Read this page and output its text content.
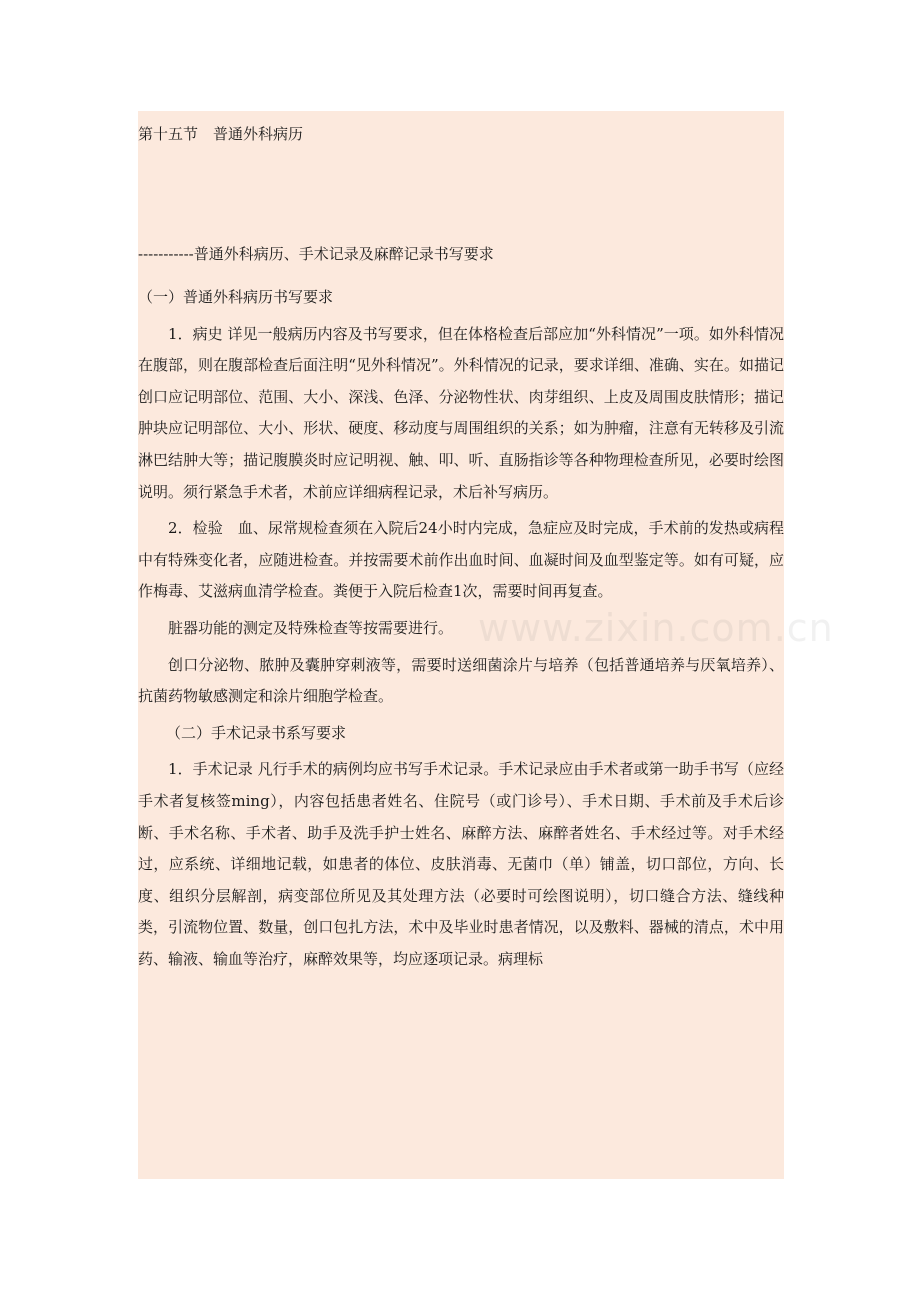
第十五节　普通外科病历

-----------普通外科病历、手术记录及麻醉记录书写要求

（一）普通外科病历书写要求

1．病史 详见一般病历内容及书写要求，但在体格检查后部应加“外科情况”一项。如外科情况在腹部，则在腹部检查后面注明“见外科情况”。外科情况的记录，要求详细、准确、实在。如描记创口应记明部位、范围、大小、深浅、色泽、分泌物性状、肉芽组织、上皮及周围皮肤情形；描记肿块应记明部位、大小、形状、硬度、移动度与周围组织的关系；如为肿瘤，注意有无转移及引流淋巴结肿大等；描记腹膜炎时应记明视、触、叩、听、直肠指诊等各种物理检查所见，必要时绘图说明。须行紧急手术者，术前应详细病程记录，术后补写病历。

2．检验　血、尿常规检查须在入院后24小时内完成，急症应及时完成，手术前的发热或病程中有特殊变化者，应随进检查。并按需要术前作出血时间、血凝时间及血型鉴定等。如有可疑，应作梅毒、艾滋病血清学检查。粪便于入院后检查1次，需要时间再复查。

脏器功能的测定及特殊检查等按需要进行。

创口分泌物、脓肿及囊肿穿刺液等，需要时送细菌涂片与培养（包括普通培养与厌氧培养）、抗菌药物敏感测定和涂片细胞学检查。

（二）手术记录书系写要求

1．手术记录 凡行手术的病例均应书写手术记录。手术记录应由手术者或第一助手书写（应经手术者复核签ming），内容包括患者姓名、住院号（或门诊号）、手术日期、手术前及手术后诊断、手术名称、手术者、助手及洗手护士姓名、麻醉方法、麻醉者姓名、手术经过等。对手术经过，应系统、详细地记载，如患者的体位、皮肤消毒、无菌巾（单）铺盖，切口部位，方向、长度、组织分层解剖，病变部位所见及其处理方法（必要时可绘图说明），切口缝合方法、缝线种类，引流物位置、数量，创口包扎方法，术中及毕业时患者情况，以及敷料、器械的清点，术中用药、输液、输血等治疗，麻醉效果等，均应逐项记录。病理标
